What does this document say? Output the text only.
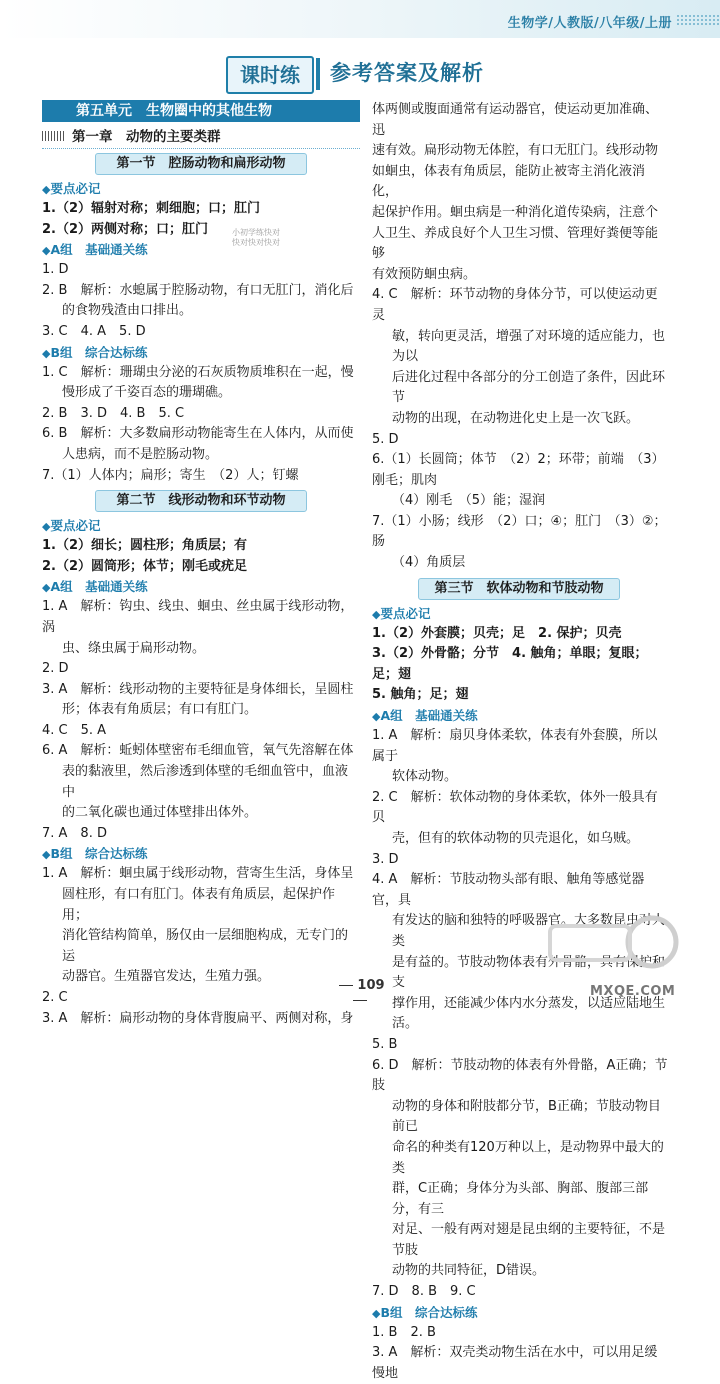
生物学/人教版/八年级/上册
课时练	参考答案及解析
小初学练快对
快对快对快对
第五单元　生物圈中的其他生物
第一章　动物的主要类群
第一节　腔肠动物和扁形动物
◆要点必记

1.（2）辐射对称；刺细胞；口；肛门

2.（2）两侧对称；口；肛门

◆A组　基础通关练

1. D

2. B　解析：水螅属于腔肠动物，有口无肛门，消化后

的食物残渣由口排出。

3. C　4. A　5. D

◆B组　综合达标练

1. C　解析：珊瑚虫分泌的石灰质物质堆积在一起，慢

慢形成了千姿百态的珊瑚礁。

2. B　3. D　4. B　5. C

6. B　解析：大多数扁形动物能寄生在人体内，从而使

人患病，而不是腔肠动物。

7.（1）人体内；扁形；寄生　（2）人；钉螺

第二节　线形动物和环节动物
◆要点必记

1.（2）细长；圆柱形；角质层；有

2.（2）圆筒形；体节；刚毛或疣足

◆A组　基础通关练

1. A　解析：钩虫、线虫、蛔虫、丝虫属于线形动物，涡

虫、绦虫属于扁形动物。

2. D

3. A　解析：线形动物的主要特征是身体细长，呈圆柱

形；体表有角质层；有口有肛门。

4. C　5. A

6. A　解析：蚯蚓体壁密布毛细血管，氧气先溶解在体

表的黏液里，然后渗透到体壁的毛细血管中，血液中

的二氧化碳也通过体壁排出体外。

7. A　8. D

◆B组　综合达标练

1. A　解析：蛔虫属于线形动物，营寄生生活，身体呈

圆柱形，有口有肛门。体表有角质层，起保护作用；

消化管结构简单，肠仅由一层细胞构成，无专门的运

动器官。生殖器官发达，生殖力强。

2. C

3. A　解析：扁形动物的身体背腹扁平、两侧对称，身

体两侧或腹面通常有运动器官，使运动更加准确、迅

速有效。扁形动物无体腔，有口无肛门。线形动物

如蛔虫，体表有角质层，能防止被寄主消化液消化，

起保护作用。蛔虫病是一种消化道传染病，注意个

人卫生、养成良好个人卫生习惯、管理好粪便等能够

有效预防蛔虫病。

4. C　解析：环节动物的身体分节，可以使运动更灵

敏，转向更灵活，增强了对环境的适应能力，也为以

后进化过程中各部分的分工创造了条件，因此环节

动物的出现，在动物进化史上是一次飞跃。

5. D

6.（1）长圆筒；体节　（2）2；环带；前端　（3）刚毛；肌肉

（4）刚毛　（5）能；湿润

7.（1）小肠；线形　（2）口；④；肛门　（3）②；肠

（4）角质层

第三节　软体动物和节肢动物
◆要点必记

1.（2）外套膜；贝壳；足　2. 保护；贝壳

3.（2）外骨骼；分节　4. 触角；单眼；复眼；足；翅

5. 触角；足；翅

◆A组　基础通关练

1. A　解析：扇贝身体柔软，体表有外套膜，所以属于

软体动物。

2. C　解析：软体动物的身体柔软，体外一般具有贝

壳，但有的软体动物的贝壳退化，如乌贼。

3. D

4. A　解析：节肢动物头部有眼、触角等感觉器官，具

有发达的脑和独特的呼吸器官。大多数昆虫对人类

是有益的。节肢动物体表有外骨骼，具有保护和支

撑作用，还能减少体内水分蒸发，以适应陆地生活。

5. B

6. D　解析：节肢动物的体表有外骨骼，A正确；节肢

动物的身体和附肢都分节，B正确；节肢动物目前已

命名的种类有120万种以上，是动物界中最大的类

群，C正确；身体分为头部、胸部、腹部三部分，有三

对足、一般有两对翅是昆虫纲的主要特征，不是节肢

动物的共同特征，D错误。

7. D　8. B　9. C

◆B组　综合达标练

1. B　2. B

3. A　解析：双壳类动物生活在水中，可以用足缓慢地

MXQE.COM
109
